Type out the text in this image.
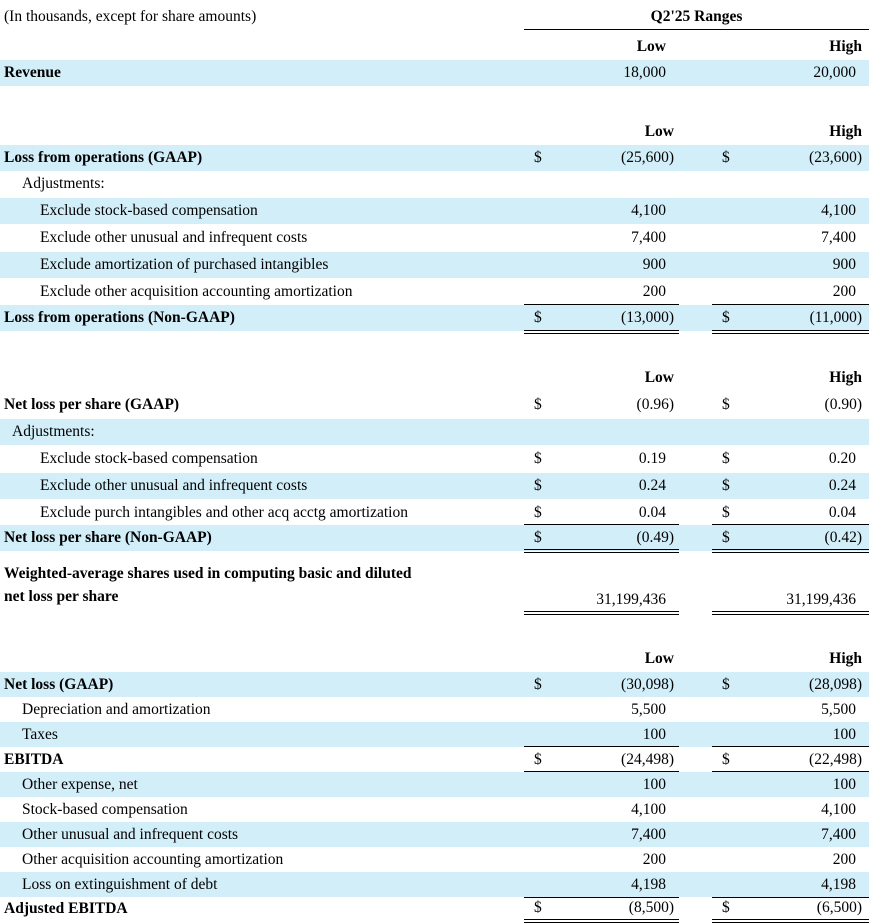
(In thousands, except for share amounts)	Q2'25 Ranges
Low	High
Revenue	18,000	20,000
Low	High
Loss from operations (GAAP)	$	(25,600)	$	(23,600)
Adjustments:
Exclude stock-based compensation	4,100	4,100
Exclude other unusual and infrequent costs	7,400	7,400
Exclude amortization of purchased intangibles	900	900
Exclude other acquisition accounting amortization	200	200
Loss from operations (Non-GAAP)	$	(13,000)	$	(11,000)
Low	High
Net loss per share (GAAP)	$	(0.96)	$	(0.90)
Adjustments:
Exclude stock-based compensation	$	0.19	$	0.20
Exclude other unusual and infrequent costs	$	0.24	$	0.24
Exclude purch intangibles and other acq acctg amortization	$	0.04	$	0.04
Net loss per share (Non-GAAP)	$	(0.49)	$	(0.42)
Weighted-average shares used in computing basic and diluted
net loss per share	31,199,436	31,199,436
Low	High
Net loss (GAAP)	$	(30,098)	$	(28,098)
Depreciation and amortization	5,500	5,500
Taxes	100	100
EBITDA	$	(24,498)	$	(22,498)
Other expense, net	100	100
Stock-based compensation	4,100	4,100
Other unusual and infrequent costs	7,400	7,400
Other acquisition accounting amortization	200	200
Loss on extinguishment of debt	4,198	4,198
Adjusted EBITDA	$	(8,500)	$	(6,500)
